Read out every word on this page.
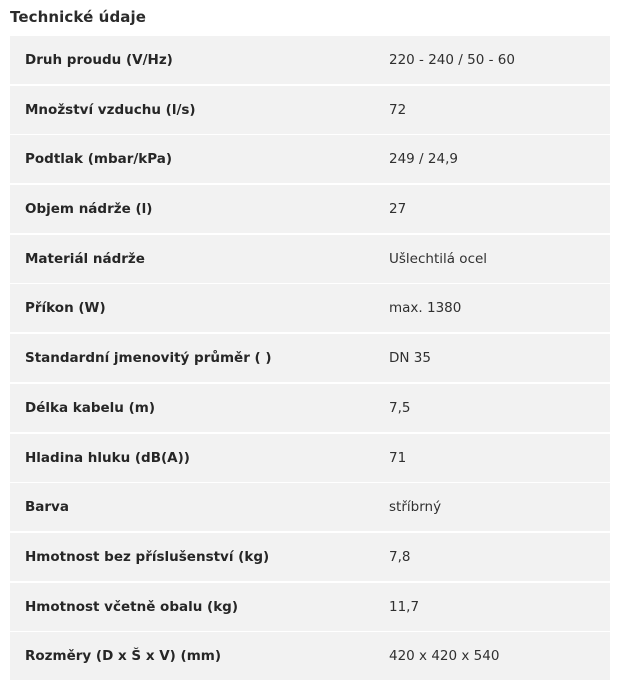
Technické údaje
Druh proudu (V/Hz)	220 - 240 / 50 - 60
Množství vzduchu (l/s)	72
Podtlak (mbar/kPa)	249 / 24,9
Objem nádrže (l)	27
Materiál nádrže	Ušlechtilá ocel
Příkon (W)	max. 1380
Standardní jmenovitý průměr ( )	DN 35
Délka kabelu (m)	7,5
Hladina hluku (dB(A))	71
Barva	stříbrný
Hmotnost bez příslušenství (kg)	7,8
Hmotnost včetně obalu (kg)	11,7
Rozměry (D x Š x V) (mm)	420 x 420 x 540
